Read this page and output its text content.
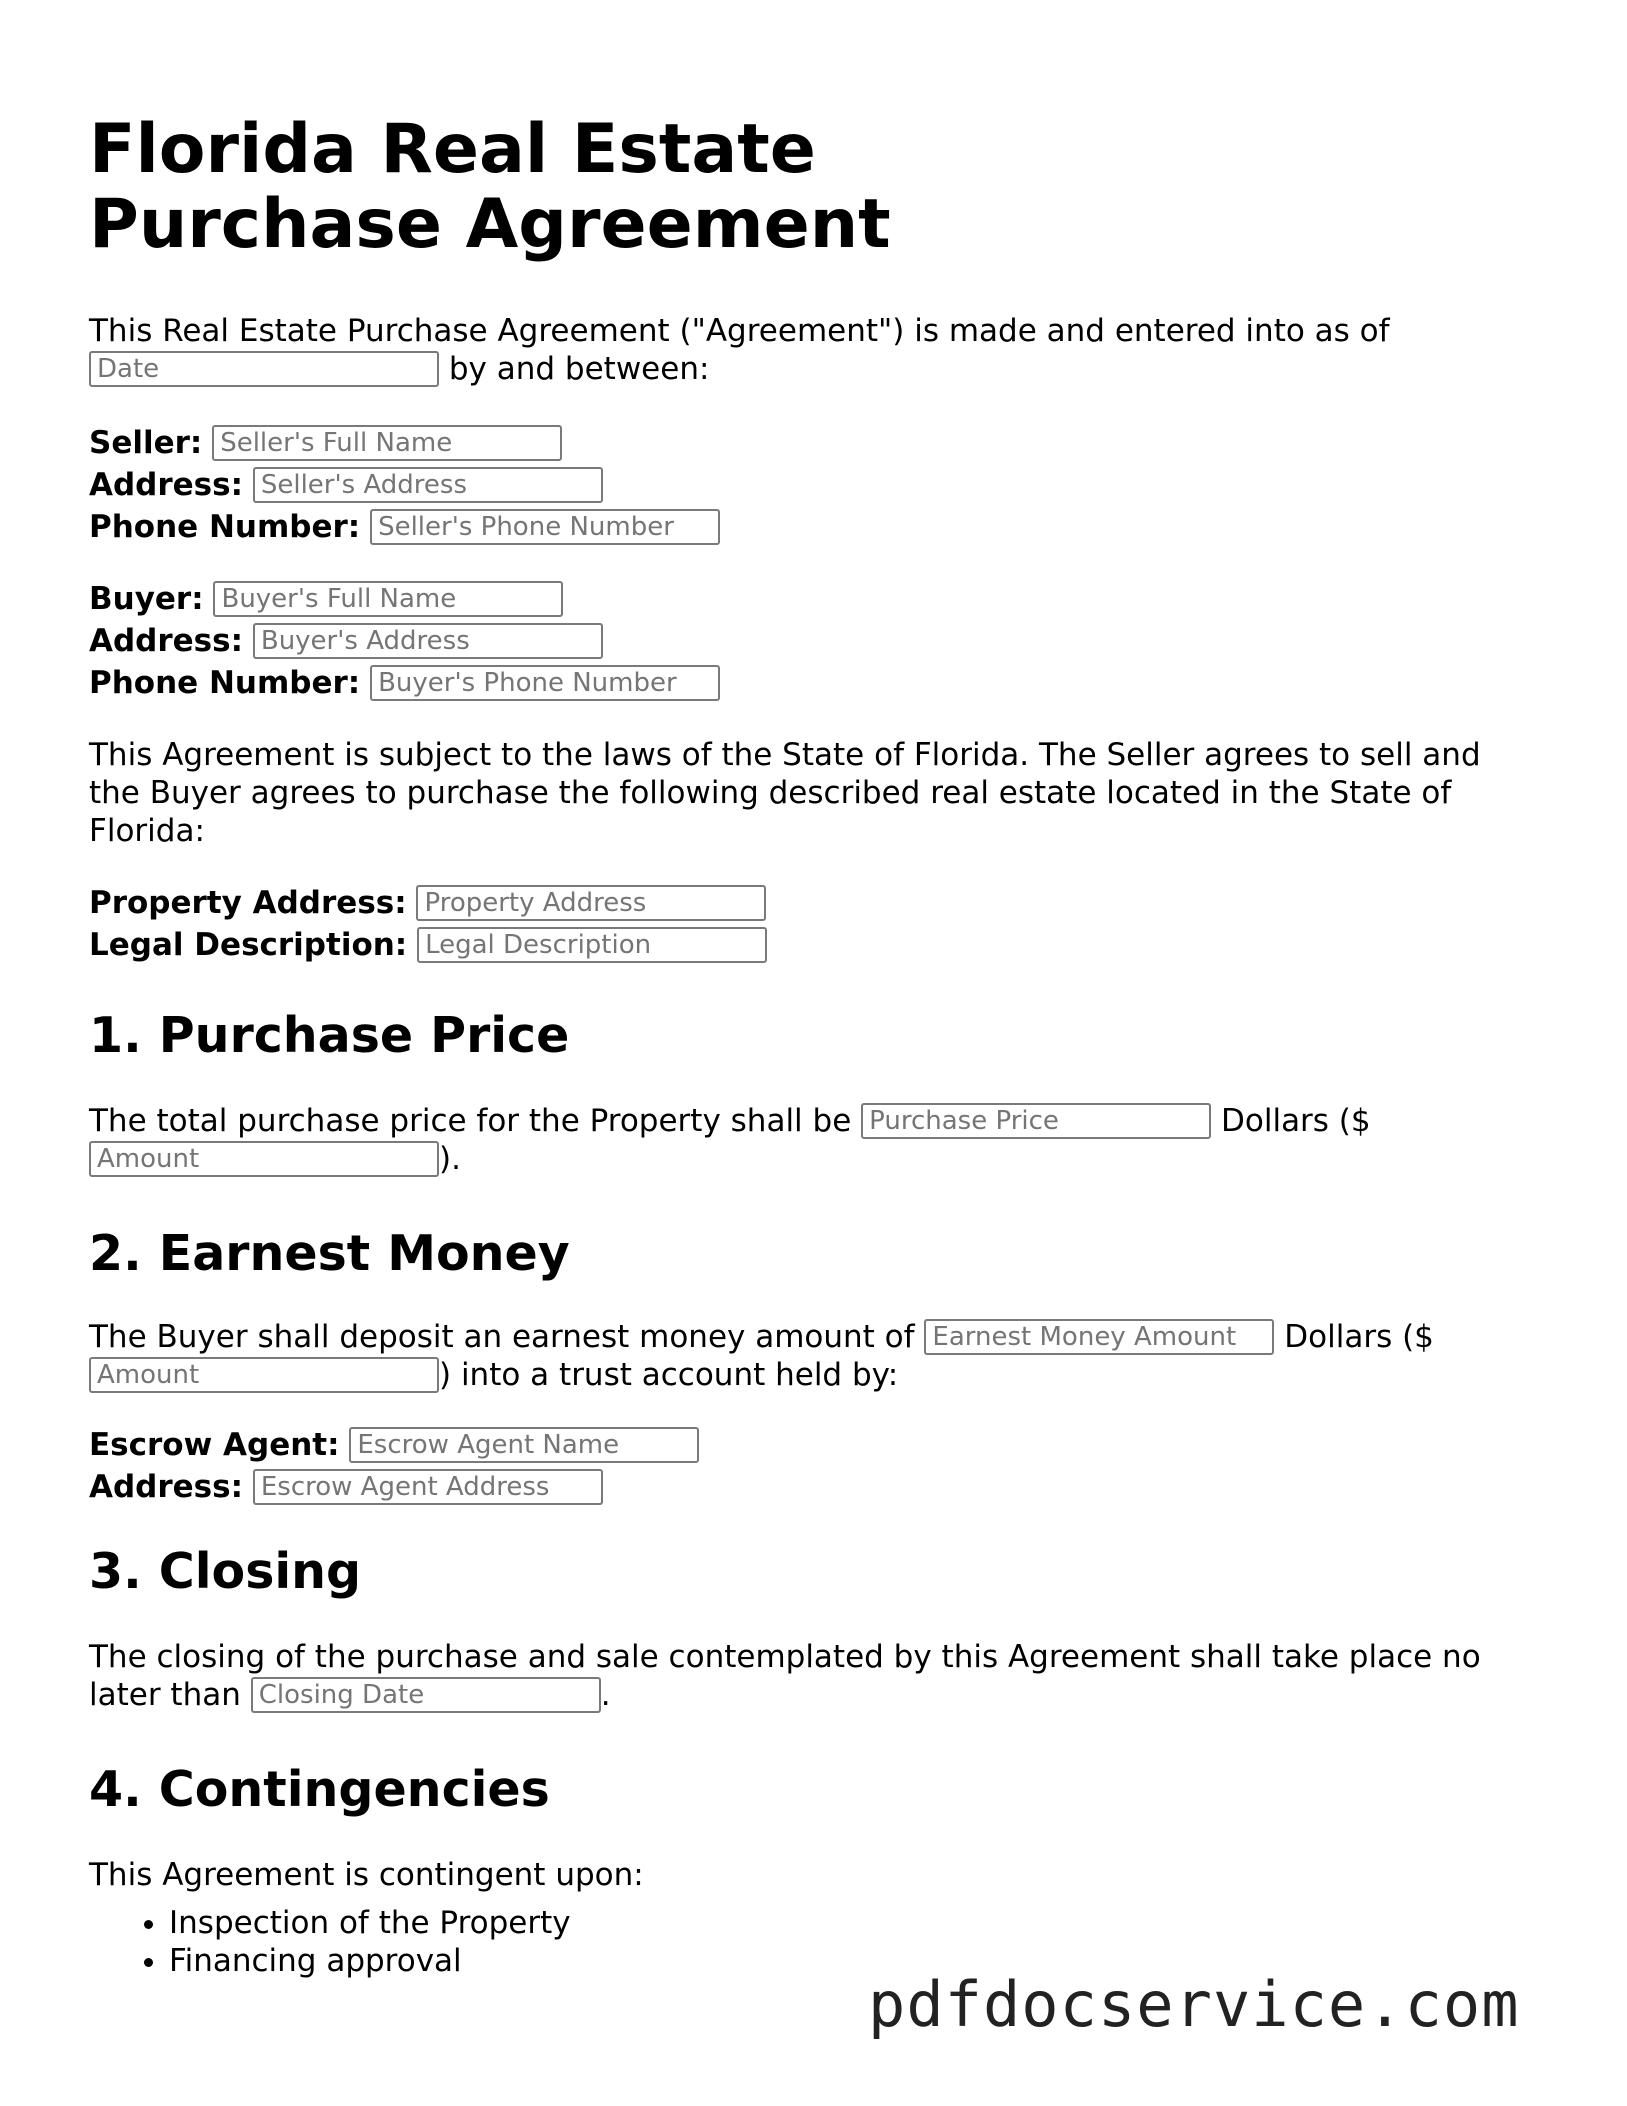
Florida Real Estate Purchase Agreement

This Real Estate Purchase Agreement ("Agreement") is made and entered into as of
Date by and between:

Seller: Seller's Full Name
Address: Seller's Address
Phone Number: Seller's Phone Number
Buyer: Buyer's Full Name
Address: Buyer's Address
Phone Number: Buyer's Phone Number

This Agreement is subject to the laws of the State of Florida. The Seller agrees to sell and the Buyer agrees to purchase the following described real estate located in the State of Florida:

Property Address: Property Address
Legal Description: Legal Description
1. Purchase Price

The total purchase price for the Property shall be Purchase Price	Dollars ($
Amount).

2. Earnest Money

The Buyer shall deposit an earnest money amount of Earnest Money Amount	Dollars ($
Amount) into a trust account held by:

Escrow Agent: Escrow Agent Name
Address: Escrow Agent Address
3. Closing

The closing of the purchase and sale contemplated by this Agreement shall take place no later than Closing Date	.

4. Contingencies

This Agreement is contingent upon:

• Inspection of the Property
• Financing approval
pdfdocservice.com
